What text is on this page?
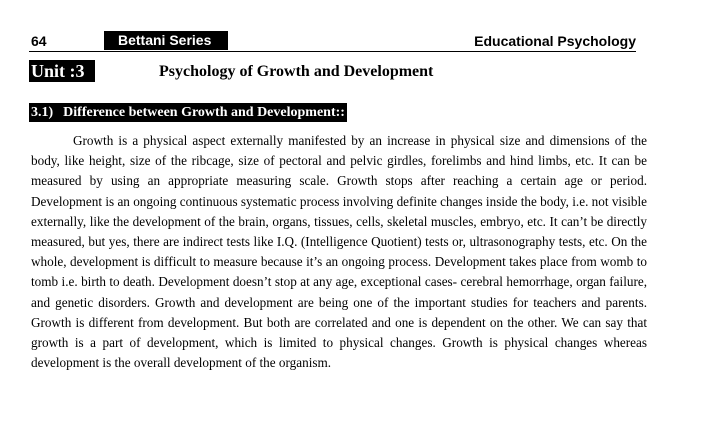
64	Bettani Series	Educational Psychology
Unit :3	Psychology of Growth and Development
3.1) Difference between Growth and Development::

Growth is a physical aspect externally manifested by an increase in physical size and dimensions of the body, like height, size of the ribcage, size of pectoral and pelvic girdles, forelimbs and hind limbs, etc. It can be measured by using an appropriate measuring scale. Growth stops after reaching a certain age or period. Development is an ongoing continuous systematic process involving definite changes inside the body, i.e. not visible externally, like the development of the brain, organs, tissues, cells, skeletal muscles, embryo, etc. It can’t be directly measured, but yes, there are indirect tests like I.Q. (Intelligence Quotient) tests or, ultrasonography tests, etc. On the whole, development is difficult to measure because it’s an ongoing process. Development takes place from womb to tomb i.e. birth to death. Development doesn’t stop at any age, exceptional cases- cerebral hemorrhage, organ failure, and genetic disorders. Growth and development are being one of the important studies for teachers and parents. Growth is different from development. But both are correlated and one is dependent on the other. We can say that growth is a part of development, which is limited to physical changes. Growth is physical changes whereas development is the overall development of the organism.
